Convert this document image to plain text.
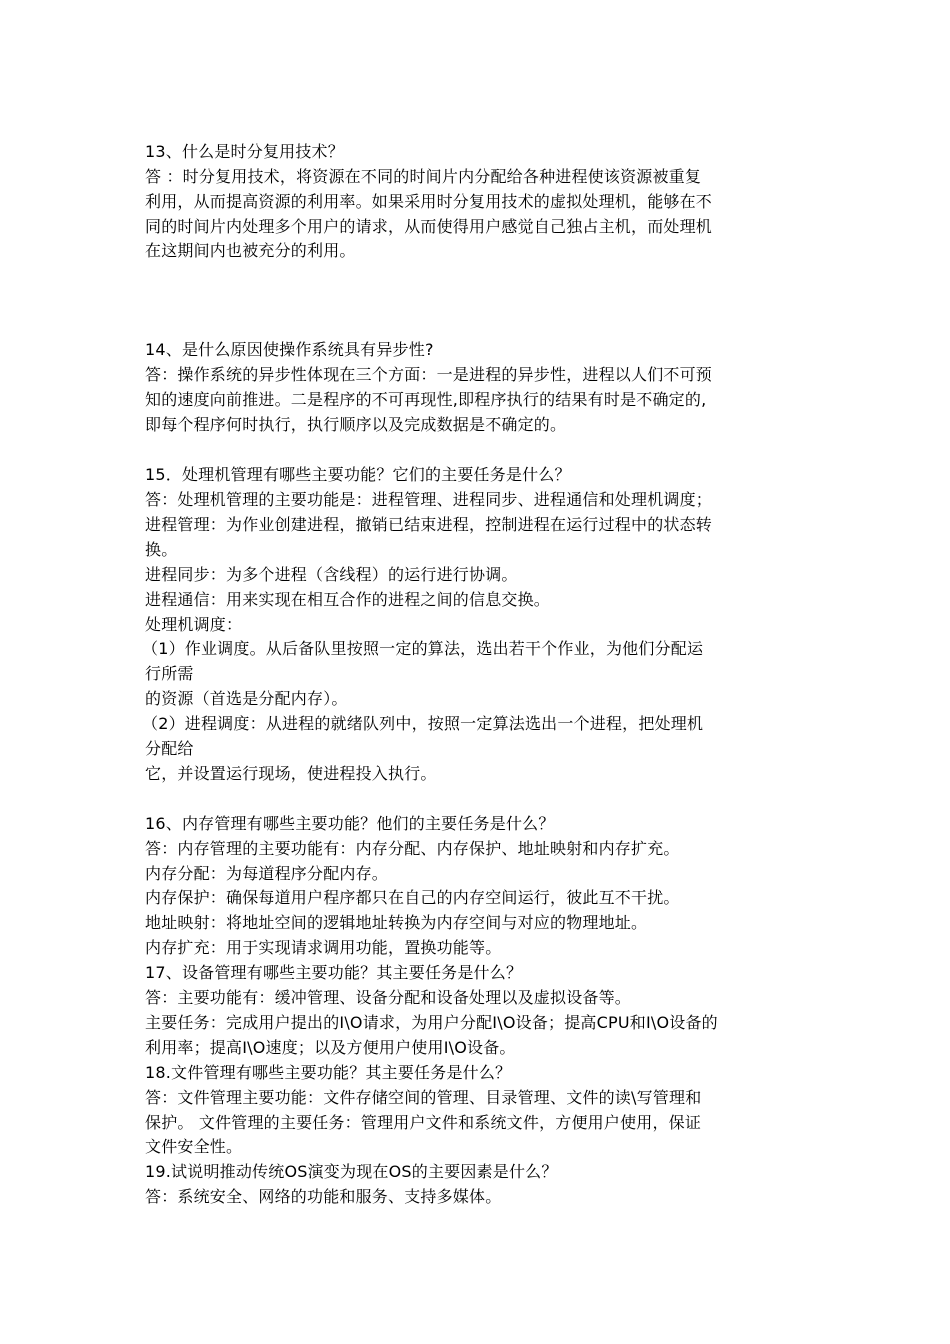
13、什么是时分复用技术？
答 ：时分复用技术，将资源在不同的时间片内分配给各种进程使该资源被重复
利用，从而提高资源的利用率。如果采用时分复用技术的虚拟处理机，能够在不
同的时间片内处理多个用户的请求，从而使得用户感觉自己独占主机，而处理机
在这期间内也被充分的利用。
14、是什么原因使操作系统具有异步性?
答：操作系统的异步性体现在三个方面：一是进程的异步性，进程以人们不可预
知的速度向前推进。二是程序的不可再现性,即程序执行的结果有时是不确定的,
即每个程序何时执行，执行顺序以及完成数据是不确定的。
15．处理机管理有哪些主要功能？它们的主要任务是什么？
答：处理机管理的主要功能是：进程管理、进程同步、进程通信和处理机调度；
进程管理：为作业创建进程，撤销已结束进程，控制进程在运行过程中的状态转
换。
进程同步：为多个进程（含线程）的运行进行协调。
进程通信：用来实现在相互合作的进程之间的信息交换。
处理机调度：
（1）作业调度。从后备队里按照一定的算法，选出若干个作业，为他们分配运
行所需
的资源（首选是分配内存）。
（2）进程调度：从进程的就绪队列中，按照一定算法选出一个进程，把处理机
分配给
它，并设置运行现场，使进程投入执行。
16、内存管理有哪些主要功能？他们的主要任务是什么？
答：内存管理的主要功能有：内存分配、内存保护、地址映射和内存扩充。
内存分配：为每道程序分配内存。
内存保护：确保每道用户程序都只在自己的内存空间运行，彼此互不干扰。
地址映射：将地址空间的逻辑地址转换为内存空间与对应的物理地址。
内存扩充：用于实现请求调用功能，置换功能等。
17、设备管理有哪些主要功能？其主要任务是什么？
答：主要功能有：缓冲管理、设备分配和设备处理以及虚拟设备等。
主要任务：完成用户提出的I\O请求，为用户分配I\O设备；提高CPU和I\O设备的
利用率；提高I\O速度；以及方便用户使用I\O设备。
18.文件管理有哪些主要功能？其主要任务是什么？
答：文件管理主要功能：文件存储空间的管理、目录管理、文件的读\写管理和
保护。 文件管理的主要任务：管理用户文件和系统文件，方便用户使用，保证
文件安全性。
19.试说明推动传统OS演变为现在OS的主要因素是什么？
答：系统安全、网络的功能和服务、支持多媒体。
